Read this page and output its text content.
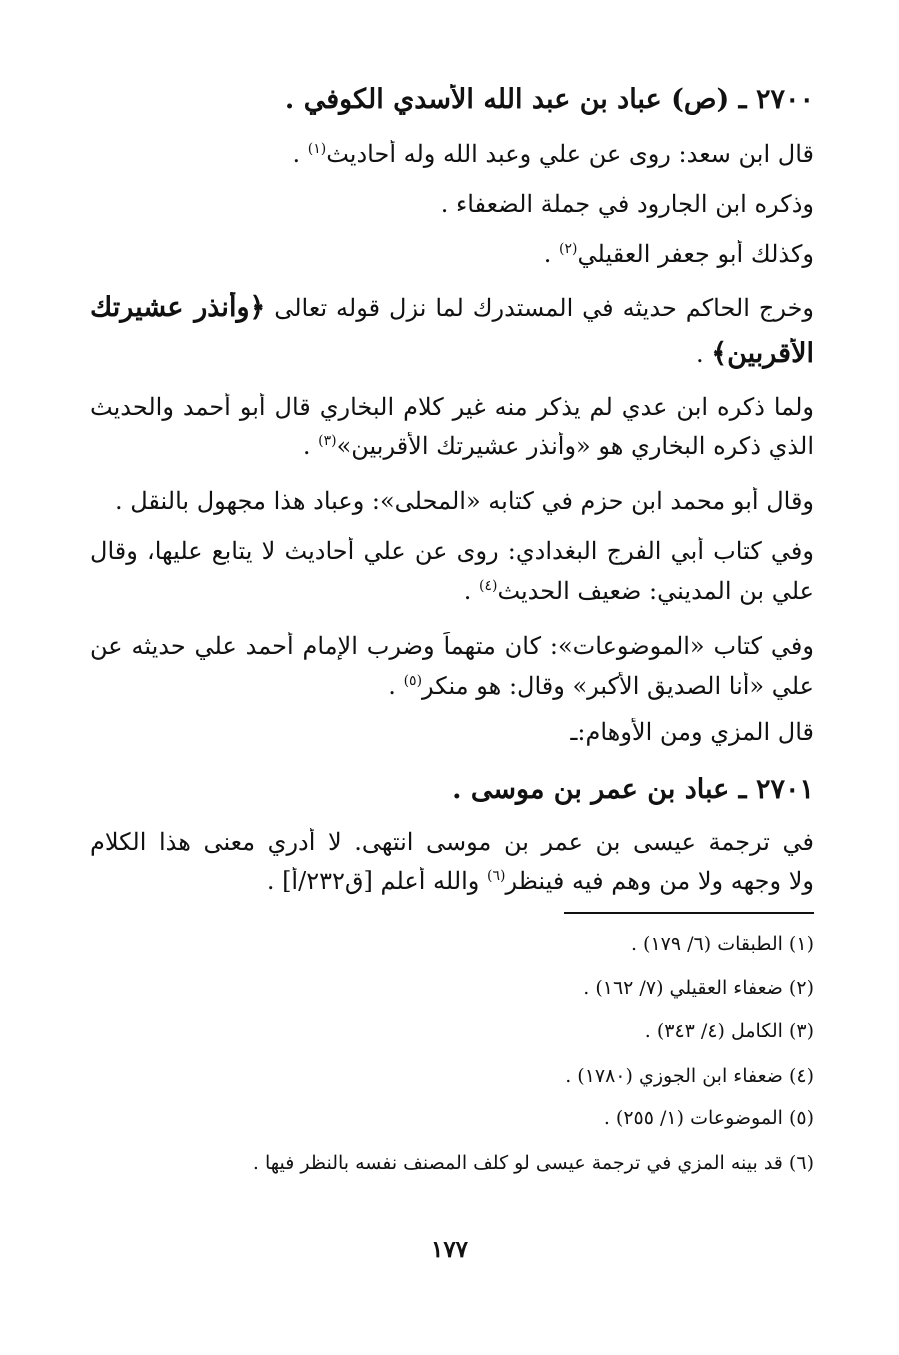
٢٧٠٠ ـ (ص) عباد بن عبد الله الأسدي الكوفي .
قال ابن سعد: روى عن علي وعبد الله وله أحاديث$^{(١)}$ .
وذكره ابن الجارود في جملة الضعفاء .
وكذلك أبو جعفر العقيلي$^{(٢)}$ .
وخرج الحاكم حديثه في المستدرك لما نزل قوله تعالى ﴿وأنذر عشيرتك
الأقربين﴾ .
ولما ذكره ابن عدي لم يذكر منه غير كلام البخاري قال أبو أحمد والحديث
الذي ذكره البخاري هو «وأنذر عشيرتك الأقربين»$^{(٣)}$ .
وقال أبو محمد ابن حزم في كتابه «المحلى»: وعباد هذا مجهول بالنقل .
وفي كتاب أبي الفرج البغدادي: روى عن علي أحاديث لا يتابع عليها، وقال
علي بن المديني: ضعيف الحديث$^{(٤)}$ .
وفي كتاب «الموضوعات»: كان متهماً وضرب الإمام أحمد علي حديثه عن
علي «أنا الصديق الأكبر» وقال: هو منكر$^{(٥)}$ .
قال المزي ومن الأوهام:ـ
٢٧٠١ ـ عباد بن عمر بن موسى .
في ترجمة عيسى بن عمر بن موسى انتهى. لا أدري معنى هذا الكلام
ولا وجهه ولا من وهم فيه فينظر$^{(٦)}$ والله أعلم [ق٢٣٢/أ] .
(١) الطبقات (٦/ ١٧٩) .
(٢) ضعفاء العقيلي (٧/ ١٦٢) .
(٣) الكامل (٤/ ٣٤٣) .
(٤) ضعفاء ابن الجوزي (١٧٨٠) .
(٥) الموضوعات (١/ ٢٥٥) .
(٦) قد بينه المزي في ترجمة عيسى لو كلف المصنف نفسه بالنظر فيها .
١٧٧
